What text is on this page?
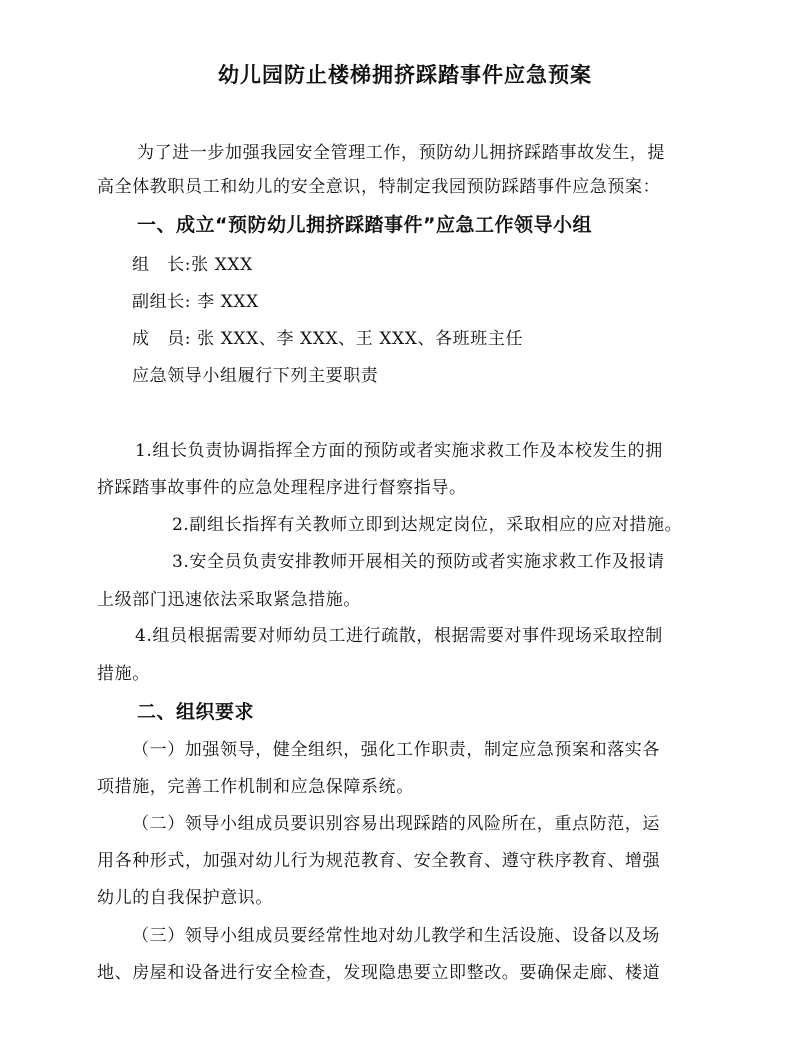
幼儿园防止楼梯拥挤踩踏事件应急预案
为了进一步加强我园安全管理工作，预防幼儿拥挤踩踏事故发生，提
高全体教职员工和幼儿的安全意识，特制定我园预防踩踏事件应急预案：
一、成立“预防幼儿拥挤踩踏事件”应急工作领导小组
组　长:张 XXX
副组长: 李 XXX
成　员: 张 XXX、李 XXX、王 XXX、各班班主任
应急领导小组履行下列主要职责
1.组长负责协调指挥全方面的预防或者实施求救工作及本校发生的拥
挤踩踏事故事件的应急处理程序进行督察指导。
2.副组长指挥有关教师立即到达规定岗位，采取相应的应对措施。
3.安全员负责安排教师开展相关的预防或者实施求救工作及报请
上级部门迅速依法采取紧急措施。
4.组员根据需要对师幼员工进行疏散，根据需要对事件现场采取控制
措施。
二、组织要求
（一）加强领导，健全组织，强化工作职责，制定应急预案和落实各
项措施，完善工作机制和应急保障系统。
（二）领导小组成员要识别容易出现踩踏的风险所在，重点防范，运
用各种形式，加强对幼儿行为规范教育、安全教育、遵守秩序教育、增强
幼儿的自我保护意识。
（三）领导小组成员要经常性地对幼儿教学和生活设施、设备以及场
地、房屋和设备进行安全检查，发现隐患要立即整改。要确保走廊、楼道
